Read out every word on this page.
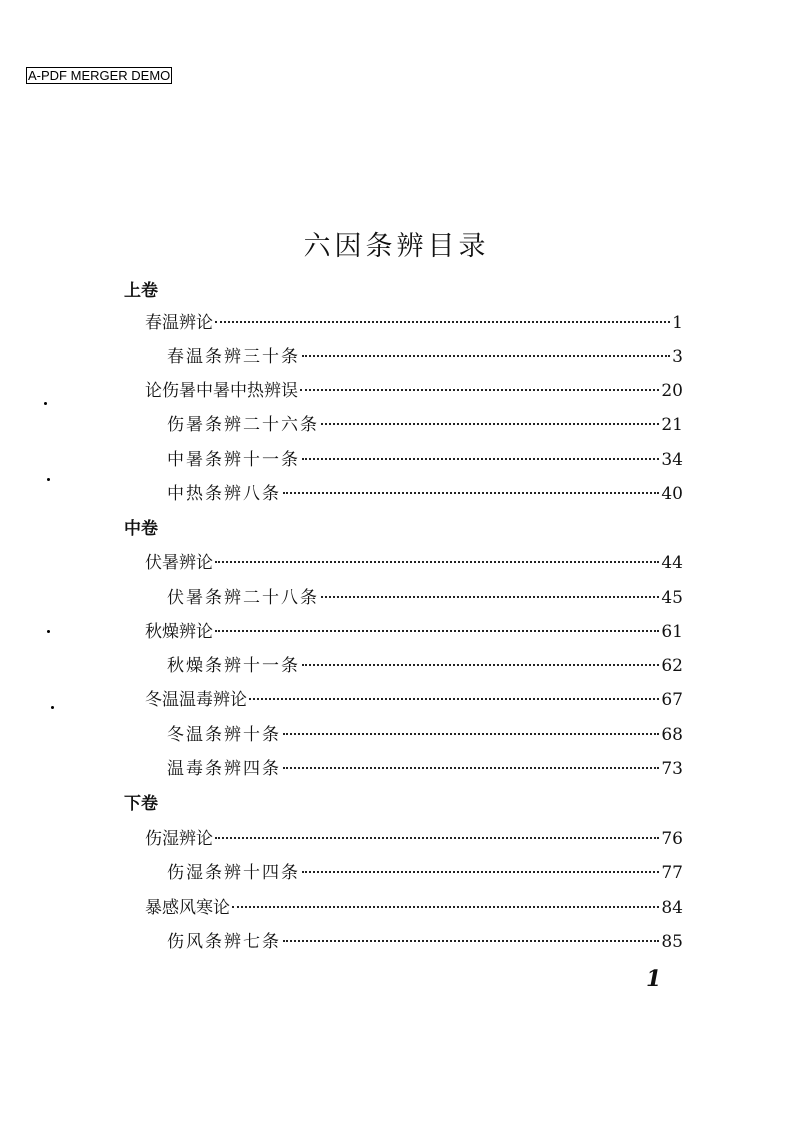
A-PDF MERGER DEMO
六因条辨目录
上卷
春温辨论	1
春温条辨三十条	3
论伤暑中暑中热辨误	20
伤暑条辨二十六条	21
中暑条辨十一条	34
中热条辨八条	40
中卷
伏暑辨论	44
伏暑条辨二十八条	45
秋燥辨论	61
秋燥条辨十一条	62
冬温温毒辨论	67
冬温条辨十条	68
温毒条辨四条	73
下卷
伤湿辨论	76
伤湿条辨十四条	77
暴感风寒论	84
伤风条辨七条	85
1
